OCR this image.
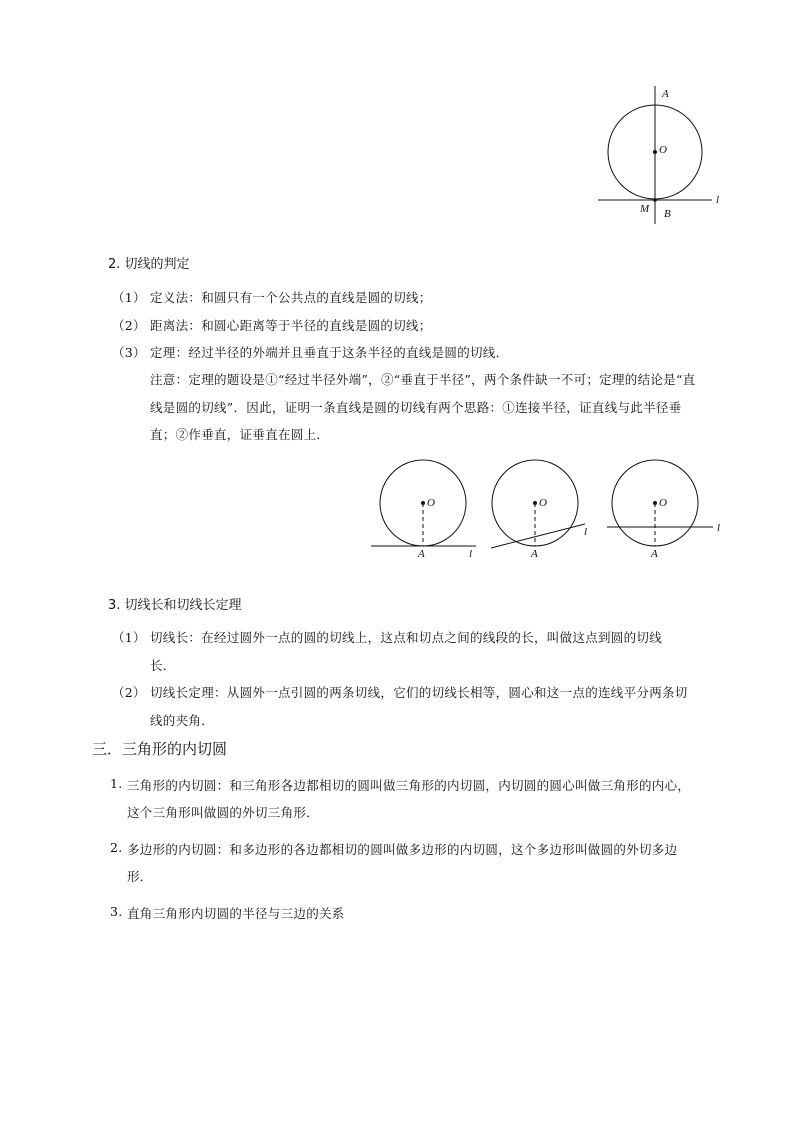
A
O
M B
l
2. 切线的判定
（1） 定义法：和圆只有一个公共点的直线是圆的切线；
（2） 距离法：和圆心距离等于半径的直线是圆的切线；
（3） 定理：经过半径的外端并且垂直于这条半径的直线是圆的切线．
注意：定理的题设是①“经过半径外端”，②“垂直于半径”，两个条件缺一不可；定理的结论是“直
线是圆的切线”．因此，证明一条直线是圆的切线有两个思路：①连接半径，证直线与此半径垂
直；②作垂直，证垂直在圆上．
O
A	l
O
A
l
O
A
l
3. 切线长和切线长定理
（1） 切线长：在经过圆外一点的圆的切线上，这点和切点之间的线段的长，叫做这点到圆的切线
长．
（2） 切线长定理：从圆外一点引圆的两条切线，它们的切线长相等，圆心和这一点的连线平分两条切
线的夹角．
三．三角形的内切圆
1. 三角形的内切圆：和三角形各边都相切的圆叫做三角形的内切圆，内切圆的圆心叫做三角形的内心，
这个三角形叫做圆的外切三角形．
2. 多边形的内切圆：和多边形的各边都相切的圆叫做多边形的内切圆，这个多边形叫做圆的外切多边
形．
3. 直角三角形内切圆的半径与三边的关系
